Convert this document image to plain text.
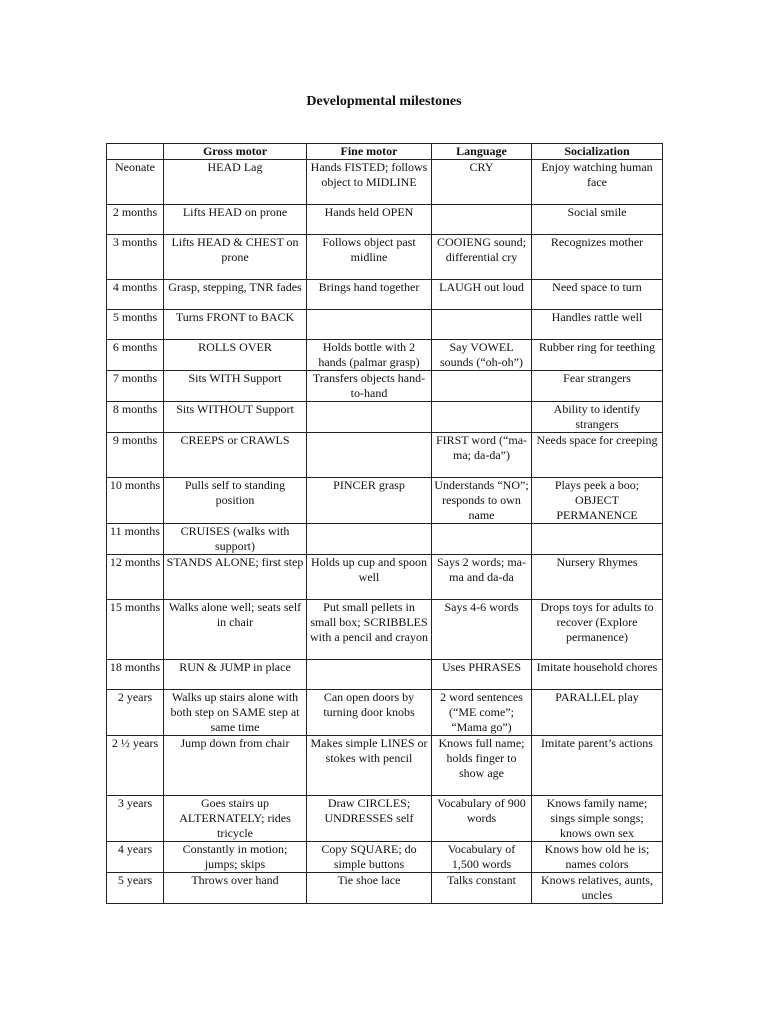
Developmental milestones
	Gross motor	Fine motor	Language	Socialization
Neonate	HEAD Lag	Hands FISTED; follows object to MIDLINE	CRY	Enjoy watching human face
2 months	Lifts HEAD on prone	Hands held OPEN		Social smile
3 months	Lifts HEAD & CHEST on prone	Follows object past midline	COOIENG sound; differential cry	Recognizes mother
4 months	Grasp, stepping, TNR fades	Brings hand together	LAUGH out loud	Need space to turn
5 months	Turns FRONT to BACK			Handles rattle well
6 months	ROLLS OVER	Holds bottle with 2 hands (palmar grasp)	Say VOWEL sounds (“oh-oh”)	Rubber ring for teething
7 months	Sits WITH Support	Transfers objects hand-to-hand		Fear strangers
8 months	Sits WITHOUT Support			Ability to identify strangers
9 months	CREEPS or CRAWLS		FIRST word (“ma-ma; da-da”)	Needs space for creeping
10 months	Pulls self to standing position	PINCER grasp	Understands “NO”; responds to own name	Plays peek a boo; OBJECT PERMANENCE
11 months	CRUISES (walks with support)			
12 months	STANDS ALONE; first step	Holds up cup and spoon well	Says 2 words; ma-ma and da-da	Nursery Rhymes
15 months	Walks alone well; seats self in chair	Put small pellets in small box; SCRIBBLES with a pencil and crayon	Says 4-6 words	Drops toys for adults to recover (Explore permanence)
18 months	RUN & JUMP in place		Uses PHRASES	Imitate household chores
2 years	Walks up stairs alone with both step on SAME step at same time	Can open doors by turning door knobs	2 word sentences (“ME come”; “Mama go”)	PARALLEL play
2 ½ years	Jump down from chair	Makes simple LINES or stokes with pencil	Knows full name; holds finger to show age	Imitate parent’s actions
3 years	Goes stairs up ALTERNATELY; rides tricycle	Draw CIRCLES; UNDRESSES self	Vocabulary of 900 words	Knows family name; sings simple songs; knows own sex
4 years	Constantly in motion; jumps; skips	Copy SQUARE; do simple buttons	Vocabulary of 1,500 words	Knows how old he is; names colors
5 years	Throws over hand	Tie shoe lace	Talks constant	Knows relatives, aunts, uncles
